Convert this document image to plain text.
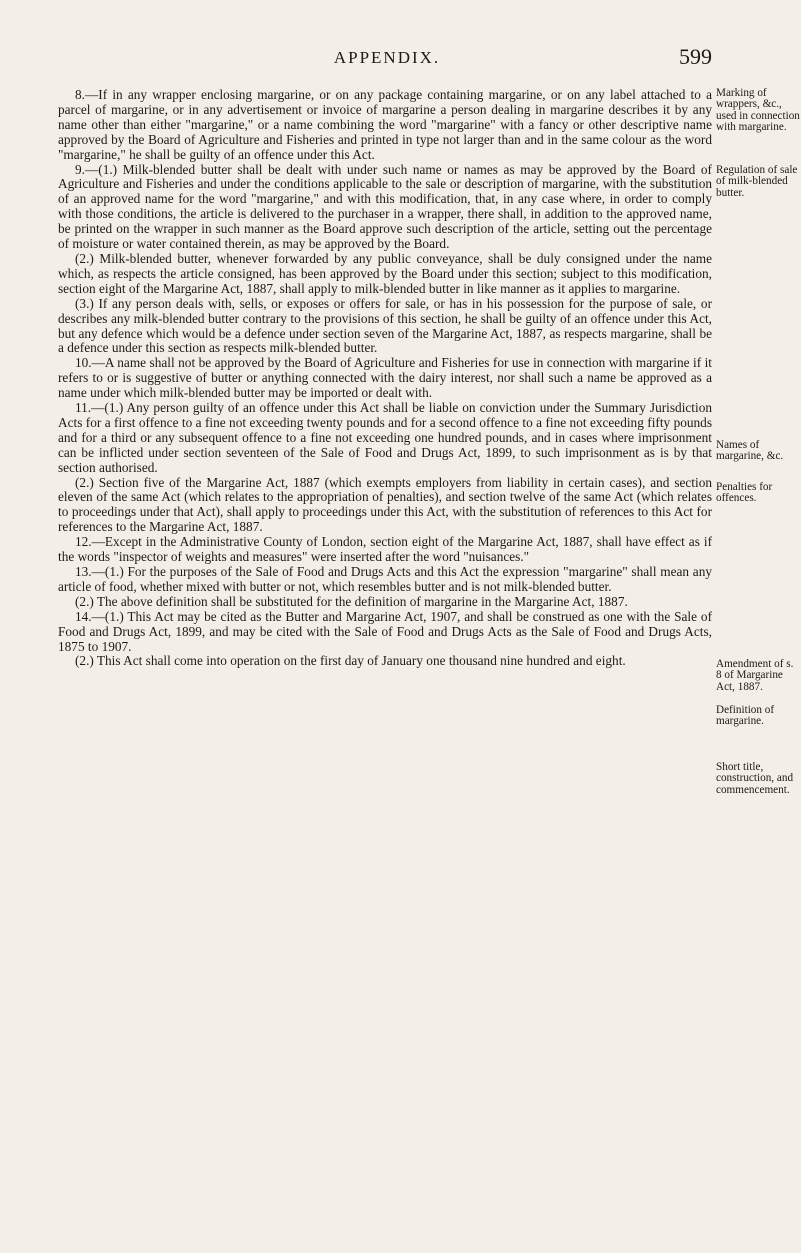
APPENDIX.	599

8.—If in any wrapper enclosing margarine, or on any package containing margarine, or on any label attached to a parcel of margarine, or in any advertisement or invoice of margarine a person dealing in margarine describes it by any name other than either "margarine," or a name combining the word "margarine" with a fancy or other descriptive name approved by the Board of Agriculture and Fisheries and printed in type not larger than and in the same colour as the word "margarine," he shall be guilty of an offence under this Act.

9.—(1.) Milk-blended butter shall be dealt with under such name or names as may be approved by the Board of Agriculture and Fisheries and under the conditions applicable to the sale or description of margarine, with the substitution of an approved name for the word "margarine," and with this modification, that, in any case where, in order to comply with those conditions, the article is delivered to the purchaser in a wrapper, there shall, in addition to the approved name, be printed on the wrapper in such manner as the Board approve such description of the article, setting out the percentage of moisture or water contained therein, as may be approved by the Board.

(2.) Milk-blended butter, whenever forwarded by any public conveyance, shall be duly consigned under the name which, as respects the article consigned, has been approved by the Board under this section; subject to this modification, section eight of the Margarine Act, 1887, shall apply to milk-blended butter in like manner as it applies to margarine.

(3.) If any person deals with, sells, or exposes or offers for sale, or has in his possession for the purpose of sale, or describes any milk-blended butter contrary to the provisions of this section, he shall be guilty of an offence under this Act, but any defence which would be a defence under section seven of the Margarine Act, 1887, as respects margarine, shall be a defence under this section as respects milk-blended butter.

10.—A name shall not be approved by the Board of Agriculture and Fisheries for use in connection with margarine if it refers to or is suggestive of butter or anything connected with the dairy interest, nor shall such a name be approved as a name under which milk-blended butter may be imported or dealt with.

11.—(1.) Any person guilty of an offence under this Act shall be liable on conviction under the Summary Jurisdiction Acts for a first offence to a fine not exceeding twenty pounds and for a second offence to a fine not exceeding fifty pounds and for a third or any subsequent offence to a fine not exceeding one hundred pounds, and in cases where imprisonment can be inflicted under section seventeen of the Sale of Food and Drugs Act, 1899, to such imprisonment as is by that section authorised.

(2.) Section five of the Margarine Act, 1887 (which exempts employers from liability in certain cases), and section eleven of the same Act (which relates to the appropriation of penalties), and section twelve of the same Act (which relates to proceedings under that Act), shall apply to proceedings under this Act, with the substitution of references to this Act for references to the Margarine Act, 1887.

12.—Except in the Administrative County of London, section eight of the Margarine Act, 1887, shall have effect as if the words "inspector of weights and measures" were inserted after the word "nuisances."

13.—(1.) For the purposes of the Sale of Food and Drugs Acts and this Act the expression "margarine" shall mean any article of food, whether mixed with butter or not, which resembles butter and is not milk-blended butter.

(2.) The above definition shall be substituted for the definition of margarine in the Margarine Act, 1887.

14.—(1.) This Act may be cited as the Butter and Margarine Act, 1907, and shall be construed as one with the Sale of Food and Drugs Act, 1899, and may be cited with the Sale of Food and Drugs Acts as the Sale of Food and Drugs Acts, 1875 to 1907.

(2.) This Act shall come into operation on the first day of January one thousand nine hundred and eight.

Marking of wrappers, &c., used in connection with margarine.
Regulation of sale of milk-blended butter.
Names of margarine, &c.
Penalties for offences.
Amendment of s. 8 of Margarine Act, 1887.
Definition of margarine.
Short title, construction, and commencement.
